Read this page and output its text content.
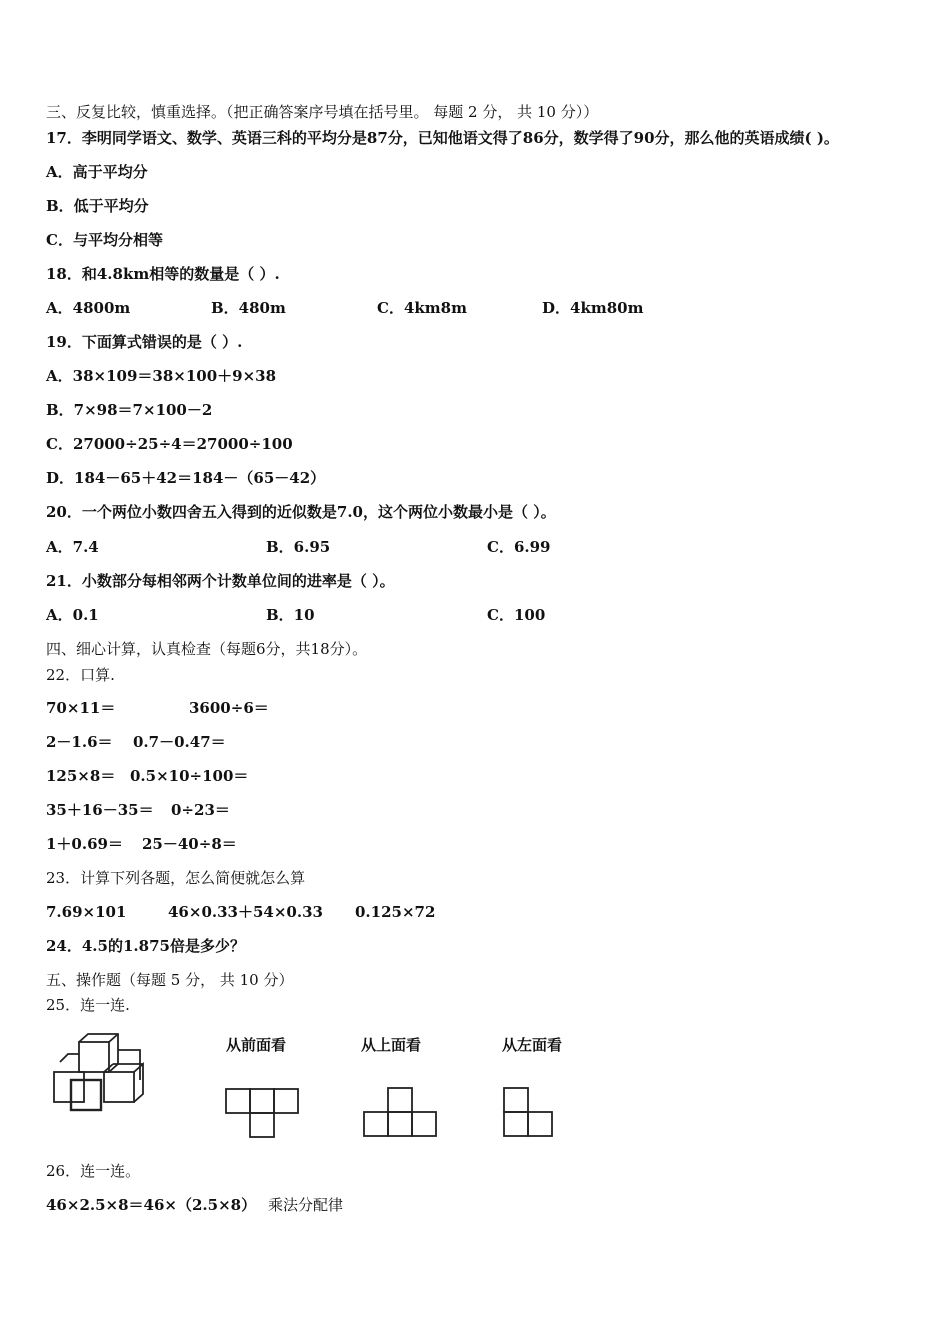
三、反复比较，慎重选择。（把正确答案序号填在括号里。 每题 2 分， 共 10 分））
17．李明同学语文、数学、英语三科的平均分是87分，已知他语文得了86分，数学得了90分，那么他的英语成绩( )。
A．高于平均分
B．低于平均分
C．与平均分相等
18．和4.8km相等的数量是（ ）.
A．4800m	B．480m	C．4km8m	D．4km80m
19．下面算式错误的是（ ）.
A．38×109＝38×100＋9×38
B．7×98＝7×100－2
C．27000÷25÷4＝27000÷100
D．184－65＋42＝184－（65－42）
20．一个两位小数四舍五入得到的近似数是7.0，这个两位小数最小是（ ）。
A．7.4	B．6.95	C．6.99
21．小数部分每相邻两个计数单位间的进率是（ ）。
A．0.1	B．10	C．100
四、细心计算，认真检查（每题6分，共18分）。
22．口算.
70×11＝	3600÷6＝
2－1.6＝ 0.7－0.47＝
125×8＝ 0.5×10÷100＝
35＋16－35＝ 0÷23＝
1＋0.69＝ 25－40÷8＝
23．计算下列各题，怎么简便就怎么算
7.69×101	46×0.33＋54×0.33 0.125×72
24．4.5的1.875倍是多少？
五、操作题（每题 5 分， 共 10 分）
25．连一连.
从前面看	从上面看	从左面看
26．连一连。
46×2.5×8＝46×（2.5×8） 乘法分配律
